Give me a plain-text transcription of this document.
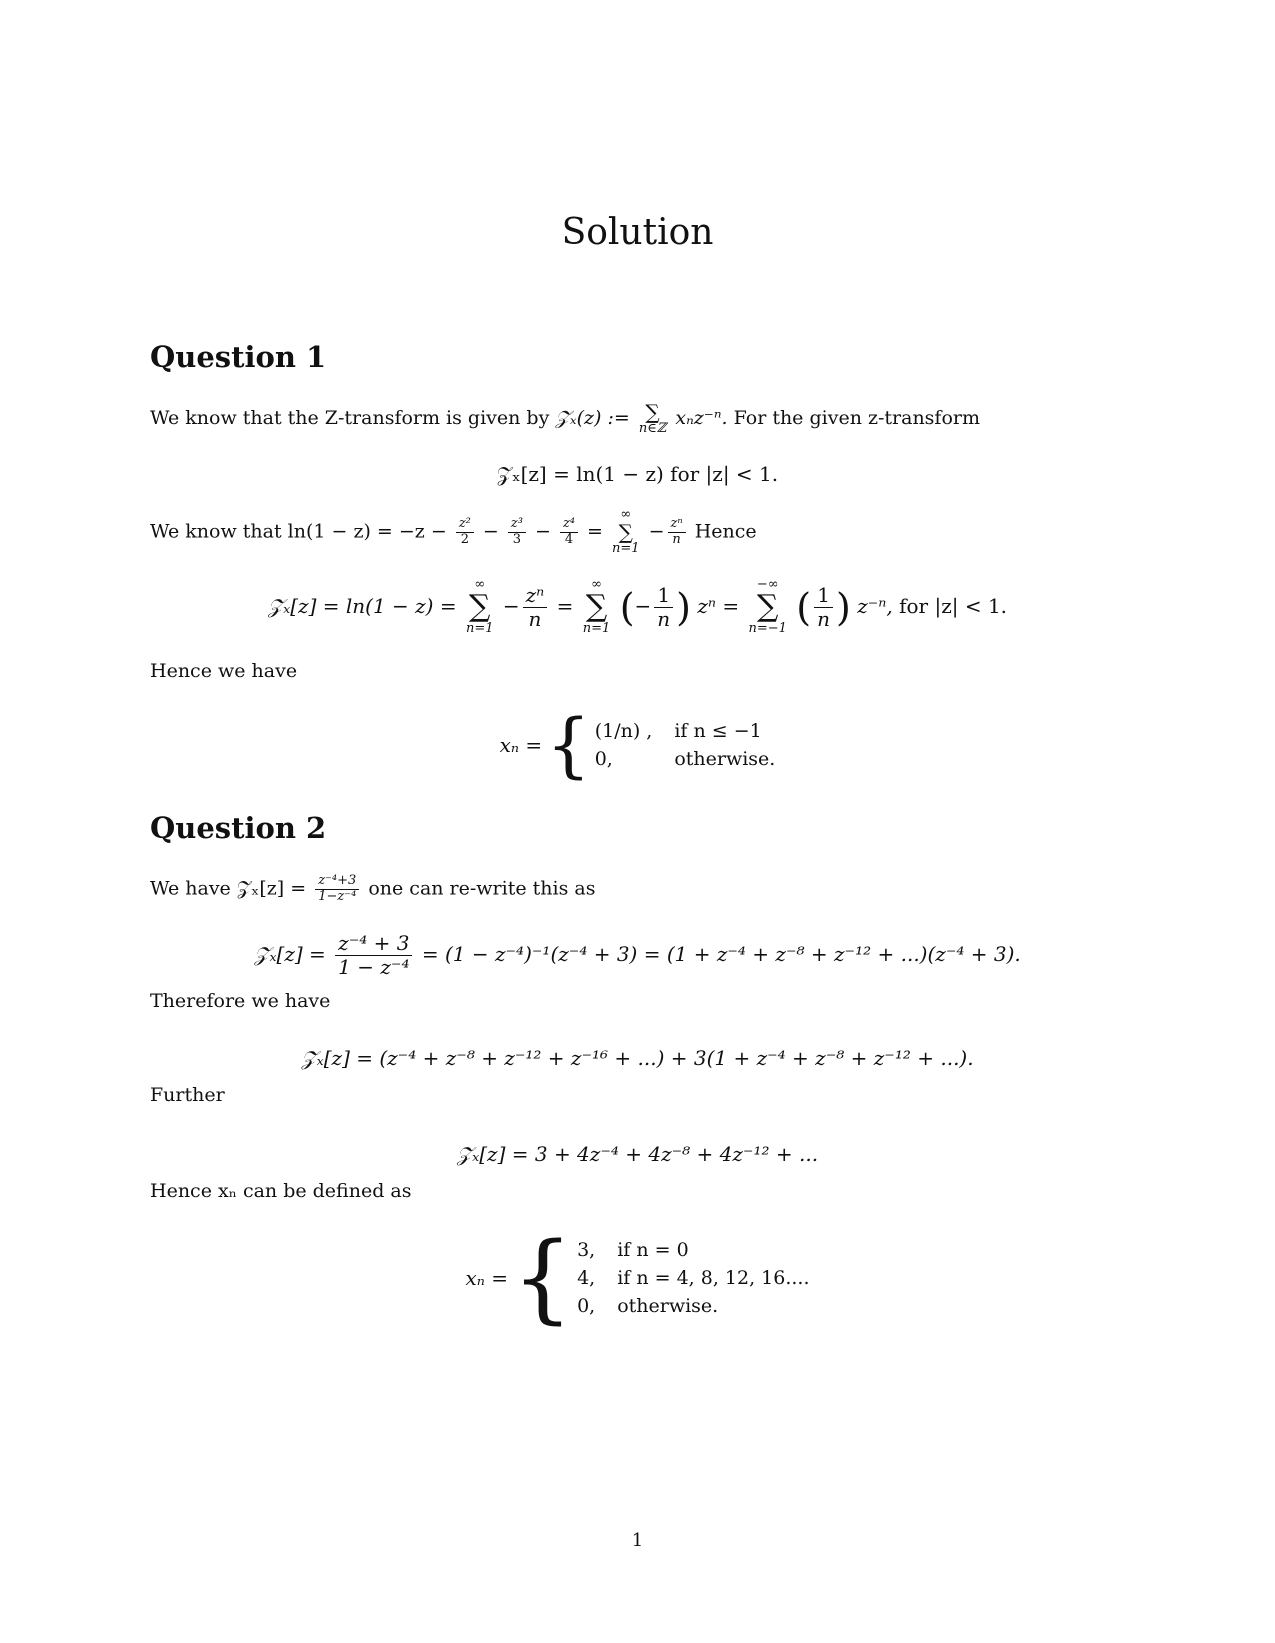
Solution
Question 1
We know that the Z-transform is given by 𝒵ₓ(z) := ∑
n∈ℤ xₙz⁻ⁿ. For the given z-transform
𝒵ₓ[z] = ln(1 − z) for |z| < 1.
We know that $\ln(1 - z) = -z - \frac{\text{z²}}{2} - \frac{\text{z³}}{3} - \frac{\text{z⁴}}{4}$ =
∞
∑
n=1
− $\frac{\text{zⁿ}}{n}$ Hence
𝒵ₓ[z] = ln(1 − z) =
∞
∑
n=1
− $\frac{\text{zⁿ}}{n}$ =
∞
∑
n=1 (− $\frac{1}{n}$ ) zⁿ =
−∞
∑
n=−1 ( $\frac{1}{n}$ ) z⁻ⁿ, for |z| < 1.
Hence we have
xₙ = { (1/n) , if n ≤ −1
0,	otherwise.
Question 2
We have 𝒵ₓ[z] = $\frac{\text{z⁻⁴+3}}{\text{1−z⁻⁴}}$ one can re-write this as
𝒵ₓ[z] = $\frac{\text{z⁻⁴ + 3}}{\text{1 − z⁻⁴}} = (1 - z^{-4})^{-1}(z^{-4} + 3) = (1 + z^{-4} + z^{-8} + z^{-12} + ...)(z^{-4} + 3)$.
Therefore we have
𝒵ₓ[z] = (z⁻⁴ + z⁻⁸ + z⁻¹² + z⁻¹⁶ + ...) + 3(1 + z⁻⁴ + z⁻⁸ + z⁻¹² + ...).
Further
𝒵ₓ[z] = 3 + 4z⁻⁴ + 4z⁻⁸ + 4z⁻¹² + ...
Hence xₙ can be defined as
xₙ = { 3, if n = 0
4, if n = 4, 8, 12, 16....
0, otherwise.
1
